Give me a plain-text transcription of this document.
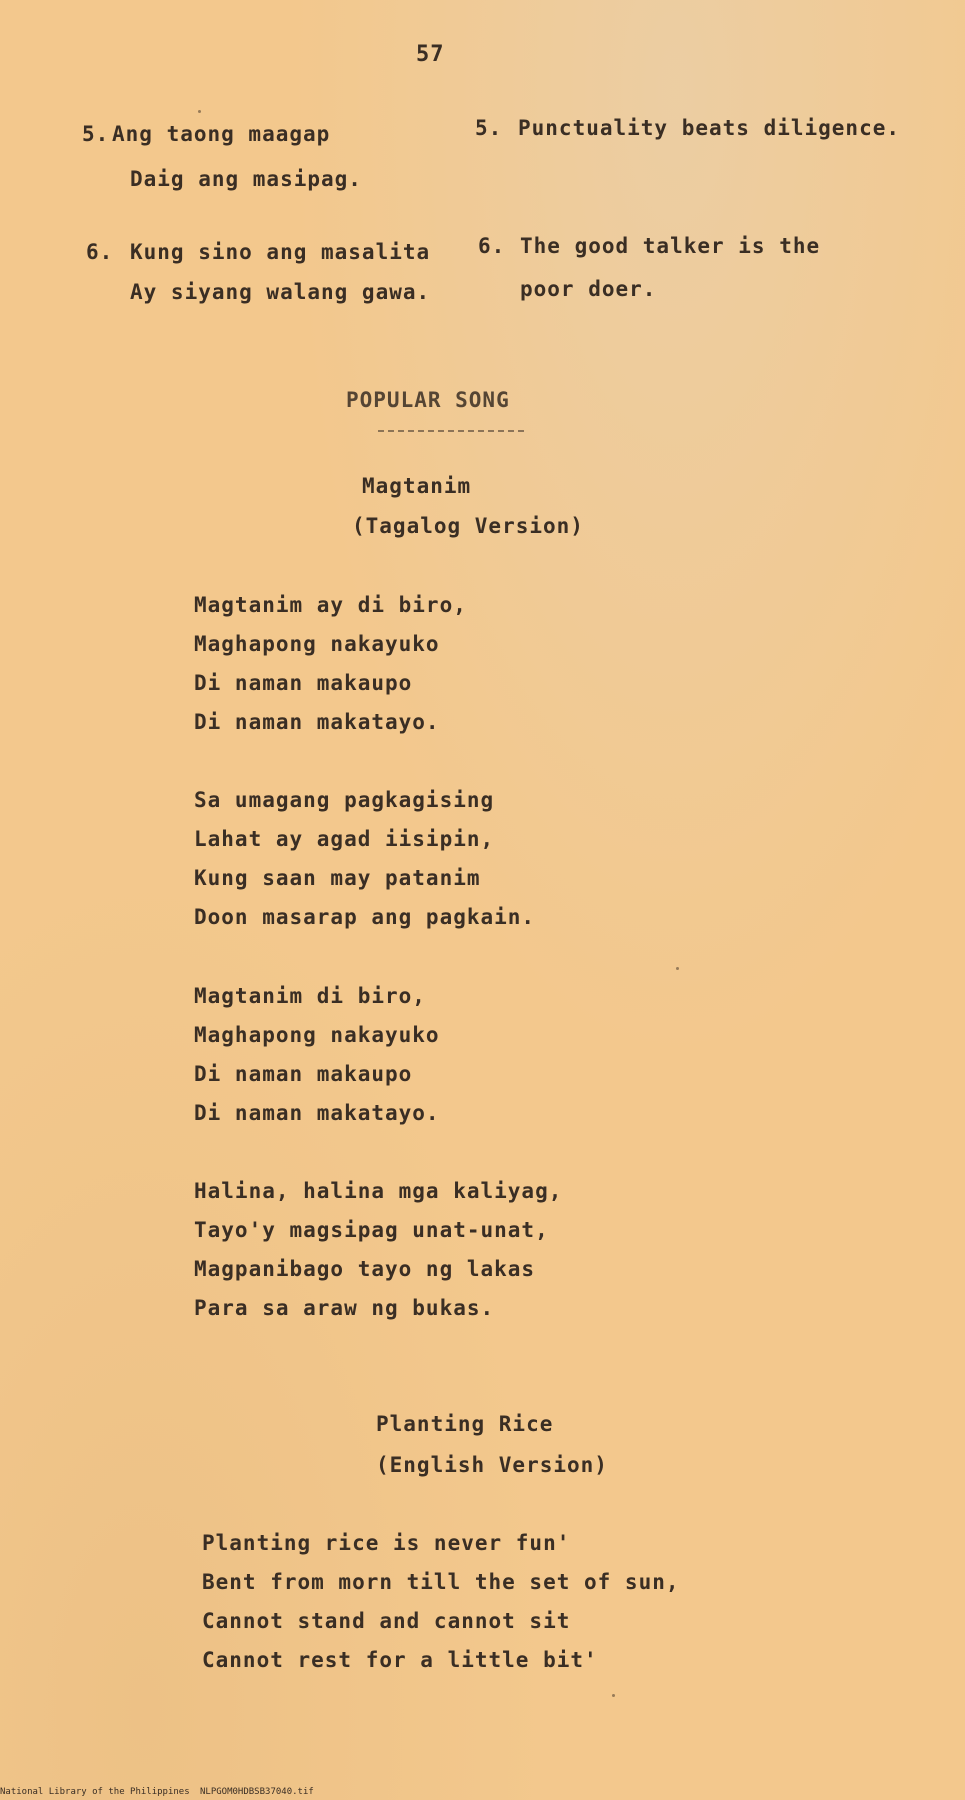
57
5. Ang taong maagap
Daig ang masipag.
5. Punctuality beats diligence.
6. Kung sino ang masalita
Ay siyang walang gawa.
6. The good talker is the
poor doer.
POPULAR SONG
Magtanim
(Tagalog Version)
Magtanim ay di biro,
Maghapong nakayuko
Di naman makaupo
Di naman makatayo.
Sa umagang pagkagising
Lahat ay agad iisipin,
Kung saan may patanim
Doon masarap ang pagkain.
Magtanim di biro,
Maghapong nakayuko
Di naman makaupo
Di naman makatayo.
Halina, halina mga kaliyag,
Tayo'y magsipag unat-unat,
Magpanibago tayo ng lakas
Para sa araw ng bukas.
Planting Rice
(English Version)
Planting rice is never fun'
Bent from morn till the set of sun,
Cannot stand and cannot sit
Cannot rest for a little bit'
National Library of the Philippines NLPGOM0HDBSB37040.tif
